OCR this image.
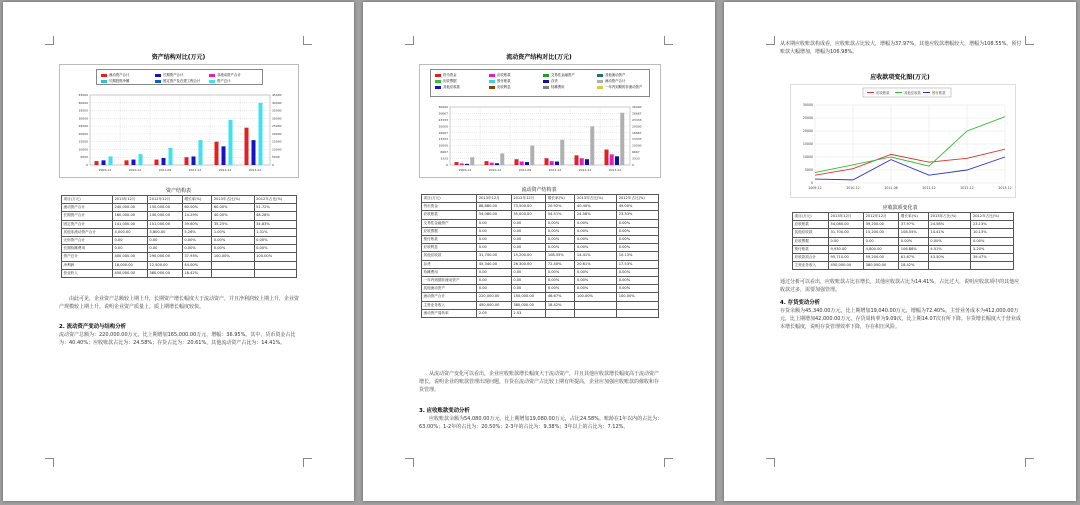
资产结构对比(万元)
流动资产合计	长期资产合计	非流动资产合计
长期投资净额	固定资产及在建工程合计	资产总计
0	0
5000	5000
10000	10000
15000	15000
20000	20000
25000	25000
30000	30000
35000	35000
40000	40000
45000	45000
2009-12	2010-12	2011-06	2011-12	2012-12	2013-12
资产结构表
项目(万元)	2013年12月	2012年12月	增长率(%)	2013年占比(%)	2012年占比(%)
流动资产合计	240,000.00	150,000.00	60.00%	60.00%	51.72%
长期资产合计	160,000.00	140,000.00	14.29%	40.00%	48.28%
固定资产合计	141,000.00	101,000.00	39.60%	35.25%	34.83%
其他非流动资产合计	4,000.00	3,800.00	5.26%	1.00%	1.31%
无形资产合计	0.00	0.00	0.00%	0.00%	0.00%
长期待摊费用	0.00	0.00	0.00%	0.00%	0.00%
资产总计	400,000.00	290,000.00	37.93%	100.00%	100.00%
净利润	18,000.00	12,500.00	44.00%		
营业收入	450,000.00	380,000.00	18.42%		

由此可见，企业资产总额较上期上升，长期资产增长幅度大于流动资产，并且净利润较上期上升，企业资产规模较上期上升。说明企业资产质量上，质上期增长幅度较快。

2. 流动资产变动与结构分析

流动资产总额为：220,000.00万元，比上期增加165,000.00万元，增幅：36.95%。其中，货币资金占比为：40.40%；应收账款占比为：24.58%；存货占比为：20.61%，其他流动资产占比为：14.41%。

流动资产结构对比(万元)
货币资金	应收账款	交易性金融资产	其他流动资产
应收票据	预付账款	存货	流动资产合计
其他应收款	应收利息	待摊费用	一年内到期的非流动资产
0	0
3333	3333
6667	6667
10000	10000
13333	13333
16667	16667
20000	20000
23333	23333
26667	26667
30000	30000
2009-12	2010-12	2011-06	2011-12	2012-12	2013-12
流动资产结构表
项目(万元)	2013年12月	2012年12月	增长率(%)	2013年占比(%)	2012年占比(%)
货币资金	88,880.00	73,500.00	20.92%	40.40%	49.00%
应收账款	54,080.00	35,000.00	54.51%	24.58%	23.33%
交易性金融资产	0.00	0.00	0.00%	0.00%	0.00%
应收票据	0.00	0.00	0.00%	0.00%	0.00%
预付账款	0.00	0.00	0.00%	0.00%	0.00%
应收利息	0.00	0.00	0.00%	0.00%	0.00%
其他应收款	31,700.00	15,200.00	108.55%	14.41%	10.13%
存货	45,340.00	26,300.00	72.40%	20.61%	17.53%
待摊费用	0.00	0.00	0.00%	0.00%	0.00%
一年内到期非流动资产	0.00	0.00	0.00%	0.00%	0.00%
其他流动资产	0.00	0.00	0.00%	0.00%	0.00%
流动资产合计	220,000.00	150,000.00	46.67%	100.00%	100.00%
主营业务收入	450,000.00	380,000.00	18.42%		
流动资产周转率	2.05	2.53			

从流动资产变化可以看出，企业应收账款增长幅度大于流动资产，并且其他应收款增长幅度高于流动资产增长，说明企业的账款管理出现问题，存货在流动资产占比较上期有所提高，企业应加强应收账款的催收和存货管理。

3. 应收账款变动分析

应收账款余额为54,080.00万元，比上期增加19,080.00万元，占比24.58%。账龄在1年以内的占比为：63.00%；1-2年的占比为：20.50%；2-3年的占比为：9.38%；3年以上的占比为：7.12%。

从本期应收账款构成看，应收账款占比较大，增幅为37.97%。其他应收款增幅较大，增幅为108.55%。预付账款大幅增加，增幅为106.98%。

应收款项变化图(万元)
应收账款	其他应收款	预付账款
30000
25000
20000
15000
10000
5000
0
2009-12	2010-12	2011-06	2011-12	2012-12	2013-12
应收款项变化表
项目(万元)	2013年12月	2012年12月	增长率(%)	2013年占比(%)	2012年占比(%)
应收账款	54,080.00	39,200.00	37.97%	24.58%	23.13%
其他应收款	31,700.00	15,200.00	108.55%	14.41%	10.13%
应收票据	0.00	0.00	0.00%	0.00%	0.00%
预付账款	9,930.00	4,800.00	106.88%	4.51%	3.20%
应收款项合计	95,710.00	59,200.00	61.67%	43.50%	39.47%
主营业务收入	450,000.00	380,000.00	18.42%		

通过分析可以看出，应收账款占比在增长，其他应收款占比为14.41%，占比过大，说明应收款项中的其他应收款过多，需要加强管理。

4. 存货变动分析

存货余额为45,340.00万元，比上期增加19,040.00万元，增幅为72.40%。主营业务成本为412,000.00万元，比上期增加42,000.00万元，存货周转率为9.09次，比上期14.07次有所下降。存货增长幅度大于营业成本增长幅度，说明存货管理效率下降，存在积压风险。
